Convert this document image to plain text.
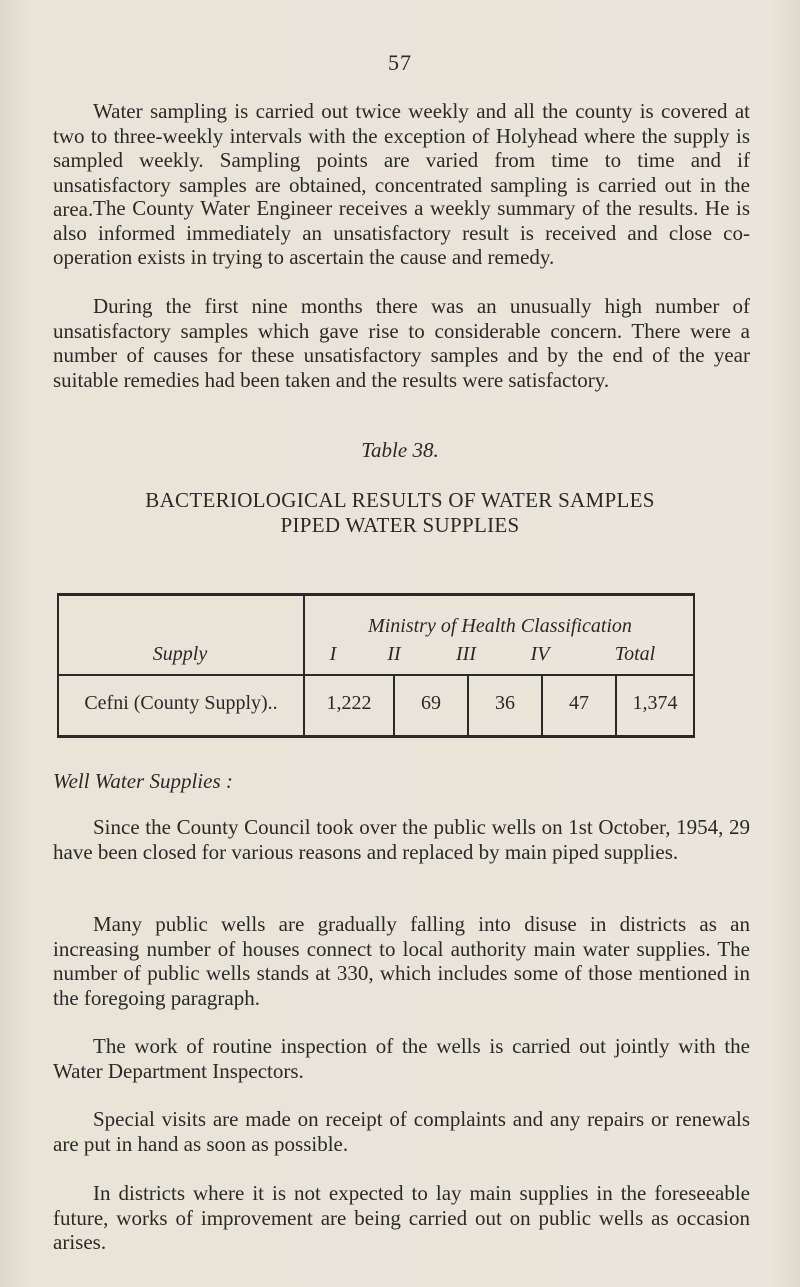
57

Water sampling is carried out twice weekly and all the county is covered at two to three-weekly intervals with the exception of Holyhead where the supply is sampled weekly. Sampling points are varied from time to time and if unsatisfactory samples are obtained, concentrated sampling is carried out in the area. The County Water Engineer receives a weekly summary of the results. He is also informed immediately an unsatisfactory result is received and close co-operation exists in trying to ascertain the cause and remedy.

During the first nine months there was an unusually high number of unsatisfactory samples which gave rise to considerable concern. There were a number of causes for these unsatisfactory samples and by the end of the year suitable remedies had been taken and the results were satisfactory.

Table 38.
BACTERIOLOGICAL RESULTS OF WATER SAMPLES
PIPED WATER SUPPLIES
Supply
Ministry of Health Classification
I	II	III	IV	Total
Cefni (County Supply)..	1,222	69	36	47	1,374
Well Water Supplies :

Since the County Council took over the public wells on 1st October, 1954, 29 have been closed for various reasons and replaced by main piped supplies.

Many public wells are gradually falling into disuse in districts as an increasing number of houses connect to local authority main water supplies. The number of public wells stands at 330, which includes some of those mentioned in the foregoing paragraph.

The work of routine inspection of the wells is carried out jointly with the Water Department Inspectors.

Special visits are made on receipt of complaints and any repairs or renewals are put in hand as soon as possible.

In districts where it is not expected to lay main supplies in the foreseeable future, works of improvement are being carried out on public wells as occasion arises.
